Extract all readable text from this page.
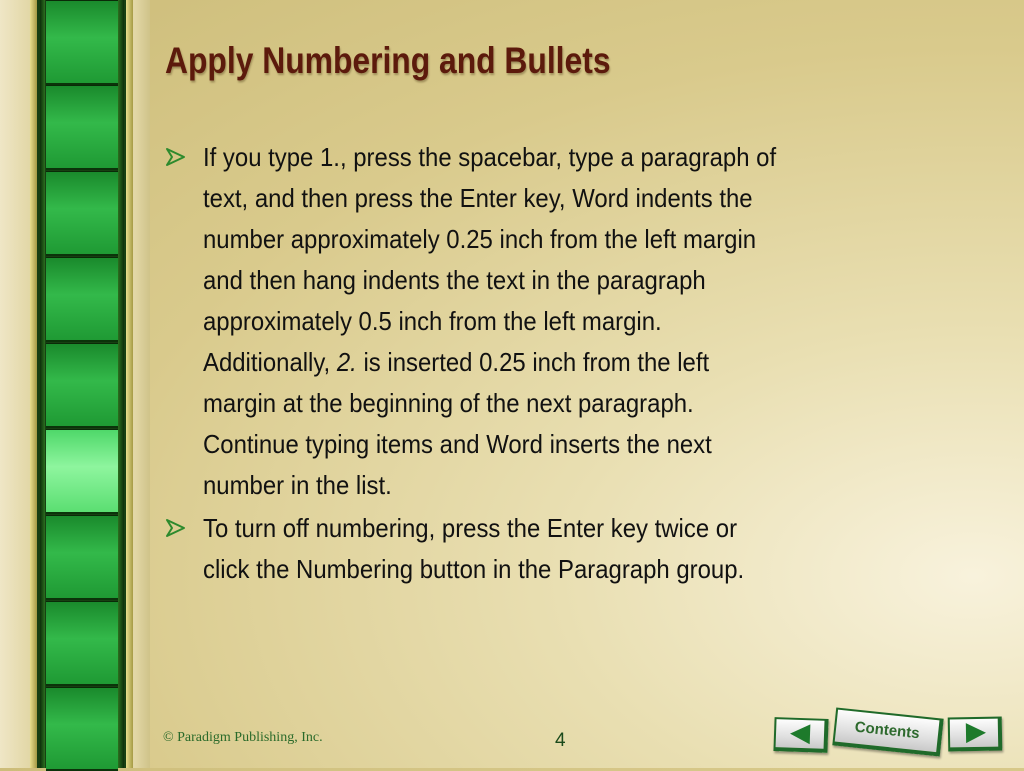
Apply Numbering and Bullets
If you type 1., press the spacebar, type a paragraph of
text, and then press the Enter key, Word indents the
number approximately 0.25 inch from the left margin
and then hang indents the text in the paragraph
approximately 0.5 inch from the left margin.
Additionally, 2. is inserted 0.25 inch from the left
margin at the beginning of the next paragraph.
Continue typing items and Word inserts the next
number in the list.
To turn off numbering, press the Enter key twice or
click the Numbering button in the Paragraph group.
© Paradigm Publishing, Inc.	4	Contents
